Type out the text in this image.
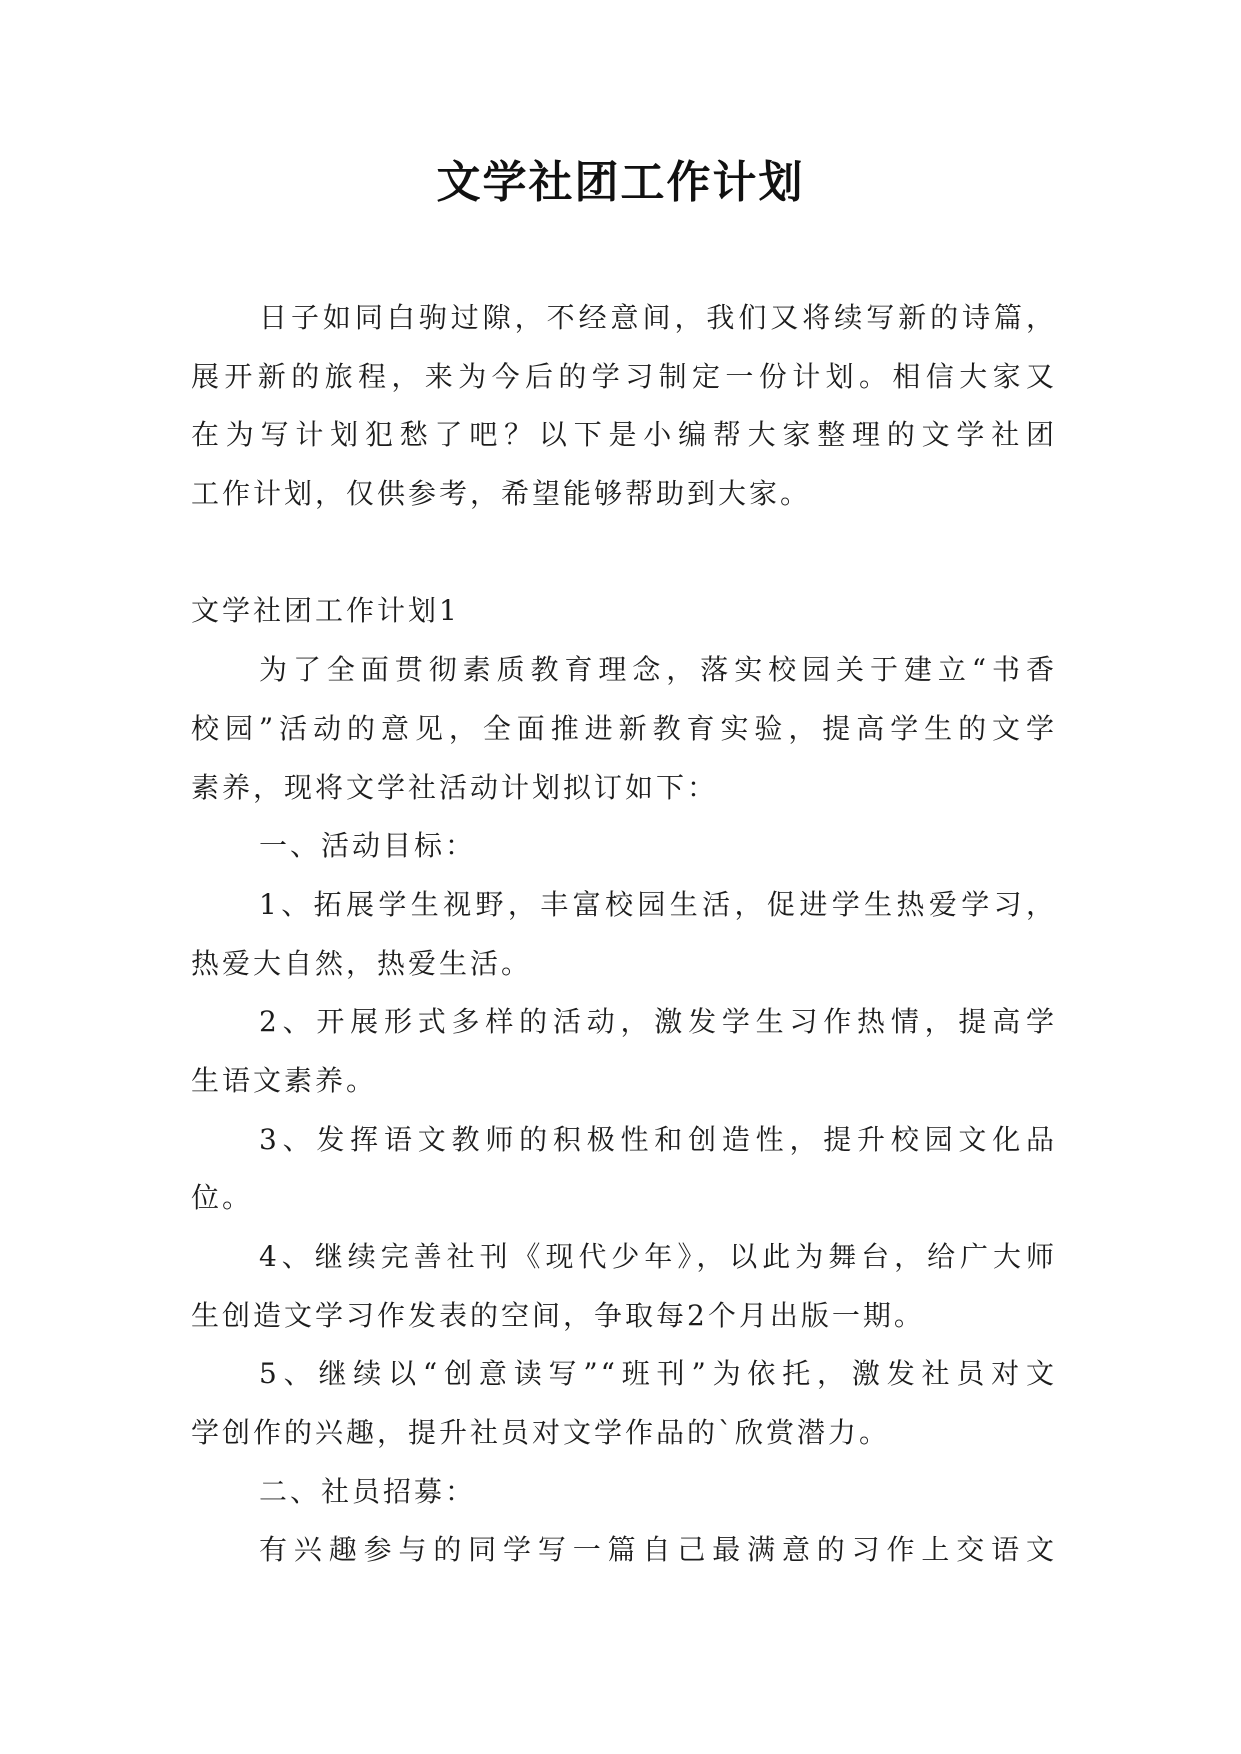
文学社团工作计划
日子如同白驹过隙，不经意间，我们又将续写新的诗篇，
展开新的旅程，来为今后的学习制定一份计划。相信大家又
在为写计划犯愁了吧？以下是小编帮大家整理的文学社团
工作计划，仅供参考，希望能够帮助到大家。
文学社团工作计划1
为了全面贯彻素质教育理念，落实校园关于建立“书香
校园”活动的意见，全面推进新教育实验，提高学生的文学
素养，现将文学社活动计划拟订如下：
一、活动目标：
1、拓展学生视野，丰富校园生活，促进学生热爱学习，
热爱大自然，热爱生活。
2、开展形式多样的活动，激发学生习作热情，提高学
生语文素养。
3、发挥语文教师的积极性和创造性，提升校园文化品
位。
4、继续完善社刊《现代少年》，以此为舞台，给广大师
生创造文学习作发表的空间，争取每2个月出版一期。
5、继续以“创意读写”“班刊”为依托，激发社员对文
学创作的兴趣，提升社员对文学作品的`欣赏潜力。
二、社员招募：
有兴趣参与的同学写一篇自己最满意的习作上交语文
